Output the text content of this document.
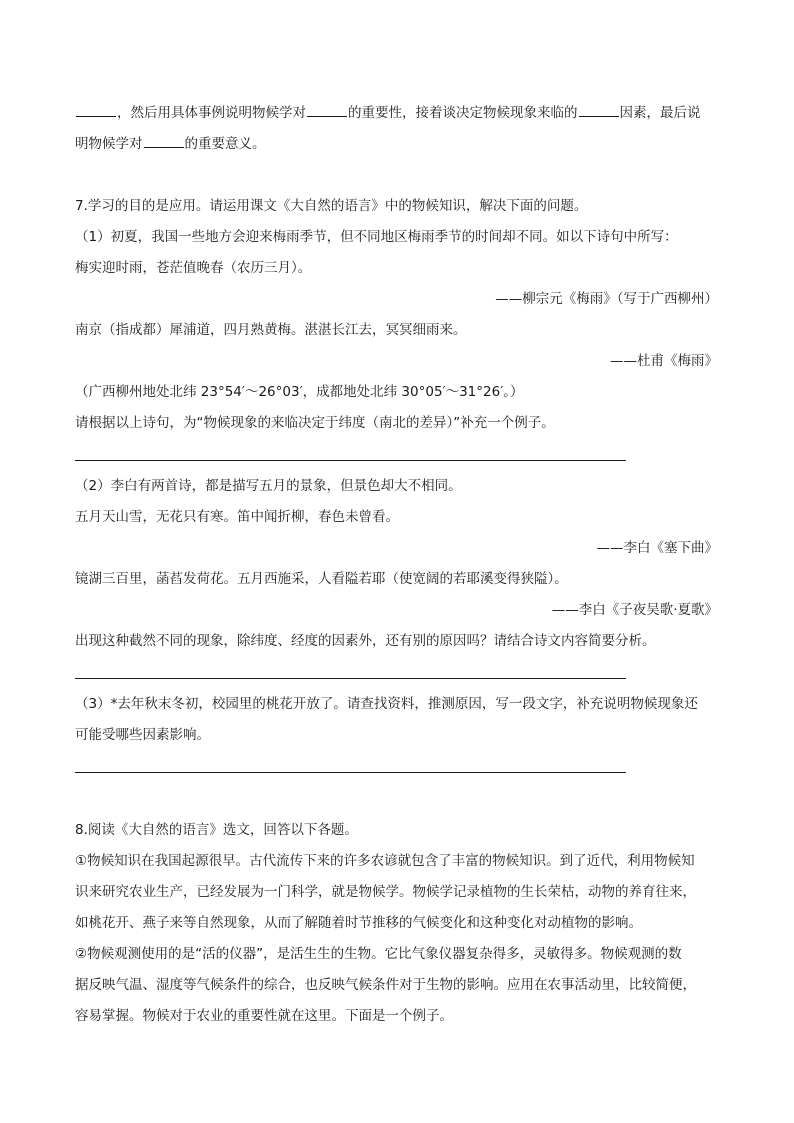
，然后用具体事例说明物候学对	的重要性，接着谈决定物候现象来临的	因素，最后说
明物候学对	的重要意义。
7.学习的目的是应用。请运用课文《大自然的语言》中的物候知识，解决下面的问题。
（1）初夏，我国一些地方会迎来梅雨季节，但不同地区梅雨季节的时间却不同。如以下诗句中所写：
梅实迎时雨，苍茫值晚春（农历三月）。
——柳宗元《梅雨》（写于广西柳州）
南京（指成都）犀浦道，四月熟黄梅。湛湛长江去，冥冥细雨来。
——杜甫《梅雨》
（广西柳州地处北纬 23°54′～26°03′，成都地处北纬 30°05′～31°26′。）
请根据以上诗句，为“物候现象的来临决定于纬度（南北的差异）”补充一个例子。
（2）李白有两首诗，都是描写五月的景象，但景色却大不相同。
五月天山雪，无花只有寒。笛中闻折柳，春色未曾看。
——李白《塞下曲》
镜湖三百里，菡萏发荷花。五月西施采，人看隘若耶（使宽阔的若耶溪变得狭隘）。
——李白《子夜吴歌·夏歌》
出现这种截然不同的现象，除纬度、经度的因素外，还有别的原因吗？请结合诗文内容简要分析。
（3）*去年秋末冬初，校园里的桃花开放了。请查找资料，推测原因，写一段文字，补充说明物候现象还
可能受哪些因素影响。
8.阅读《大自然的语言》选文，回答以下各题。
①物候知识在我国起源很早。古代流传下来的许多农谚就包含了丰富的物候知识。到了近代，利用物候知
识来研究农业生产，已经发展为一门科学，就是物候学。物候学记录植物的生长荣枯，动物的养育往来，
如桃花开、燕子来等自然现象，从而了解随着时节推移的气候变化和这种变化对动植物的影响。
②物候观测使用的是“活的仪器”，是活生生的生物。它比气象仪器复杂得多，灵敏得多。物候观测的数
据反映气温、湿度等气候条件的综合，也反映气候条件对于生物的影响。应用在农事活动里，比较简便，
容易掌握。物候对于农业的重要性就在这里。下面是一个例子。
